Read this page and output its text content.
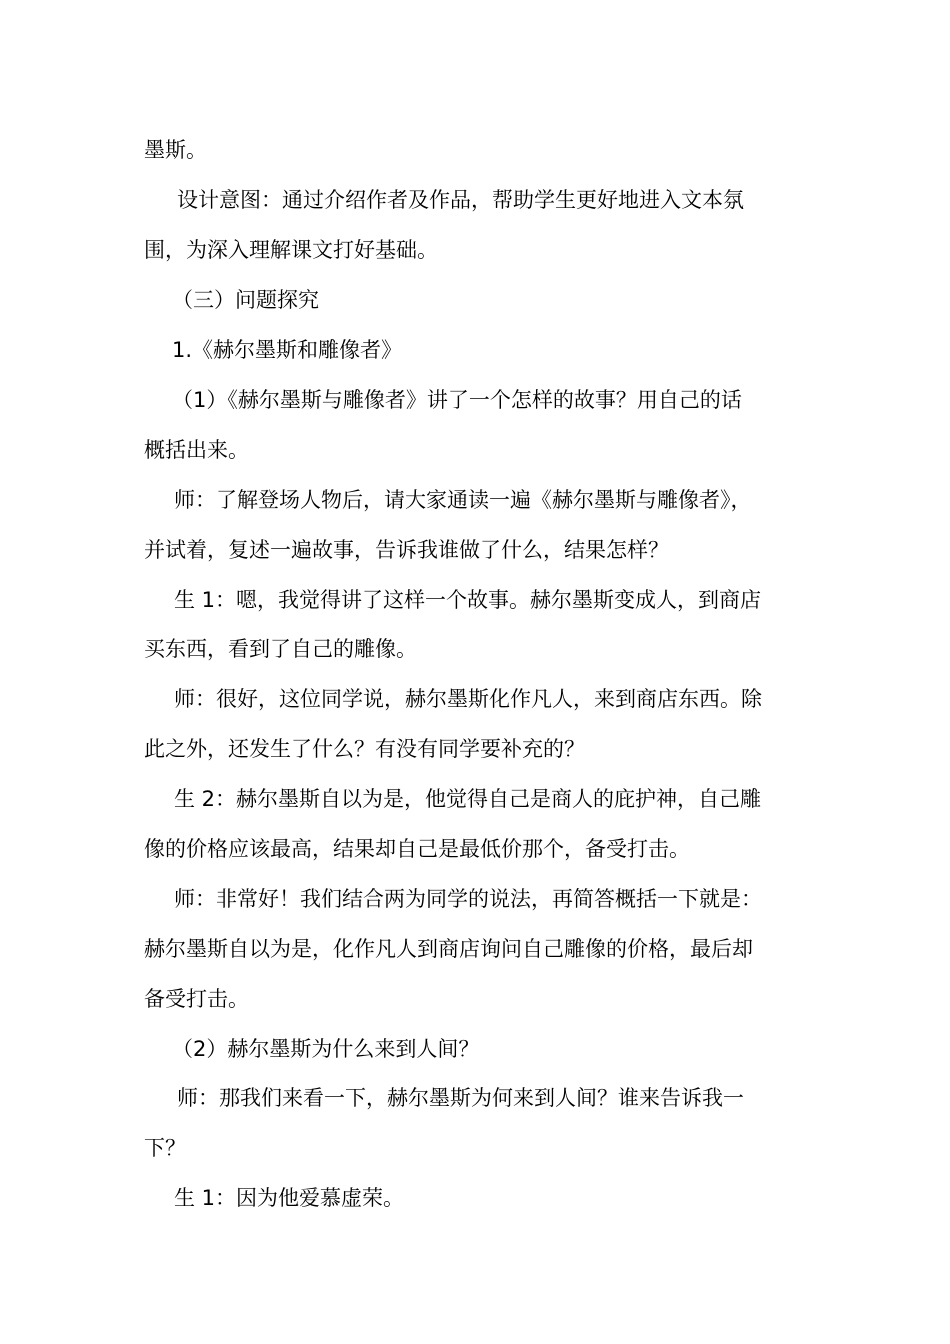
墨斯。
设计意图：通过介绍作者及作品，帮助学生更好地进入文本氛
围，为深入理解课文打好基础。
（三）问题探究
1.《赫尔墨斯和雕像者》
（1）《赫尔墨斯与雕像者》讲了一个怎样的故事？用自己的话
概括出来。
师：了解登场人物后，请大家通读一遍《赫尔墨斯与雕像者》，
并试着，复述一遍故事，告诉我谁做了什么，结果怎样？
生 1：嗯，我觉得讲了这样一个故事。赫尔墨斯变成人，到商店
买东西，看到了自己的雕像。
师：很好，这位同学说，赫尔墨斯化作凡人，来到商店东西。除
此之外，还发生了什么？有没有同学要补充的？
生 2：赫尔墨斯自以为是，他觉得自己是商人的庇护神，自己雕
像的价格应该最高，结果却自己是最低价那个，备受打击。
师：非常好！我们结合两为同学的说法，再简答概括一下就是：
赫尔墨斯自以为是，化作凡人到商店询问自己雕像的价格，最后却
备受打击。
（2）赫尔墨斯为什么来到人间？
师：那我们来看一下，赫尔墨斯为何来到人间？谁来告诉我一
下？
生 1：因为他爱慕虚荣。
